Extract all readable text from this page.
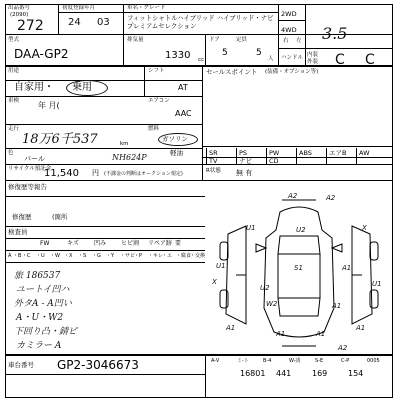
出品番号
(2090)
272
初度登録年月
24 03
車名・グレード
フィットシャトルハイブリッド ハイブリッド・ナビプレミアムセレクション
2WD
4WD 3.5
型式
DAA-GP2
排気量
1330 cc
ドア
5
定員
5
人 ハンドル
右 左
内装
外装 C C
用途
自家用・ 乗用
シフト
AT
エアコン
AAC
セールスポイント (装備・オプション等)
車検 年 月(
走行
18万6千537	km
燃料
ガソリン
軽油
色
パール	NH624P
リサイクル預託金
11,540 円 (不課金の判断はオークション規定)	R状態 無 有
SR	PS	PW	ABS	エアB AW
TV	ナビ	CD
修復歴等報告
修復歴	(箇所
検査員
FW	キズ	凹み ヒビ割 リペア跡 要
A ・B ・C ・U ・W ・X ・S ・G ・Y ・サビ
・P ・キレ ・エ ・腐食
・交換
旅 186537
ユートイ凹ハ
外タA - A凹い
A・U・W2
下回り凸・錆ピ
カミラー A
A2	A2
U1	U2	X
U1	S1	A1
U2
W2
A1
A1	A1
A1
A1
A2
X	U1
車台番号 GP2-3046673	A-V	ミ-ト	B-4	W-誘	S-E	C-P	0005
16801 441	169	154
